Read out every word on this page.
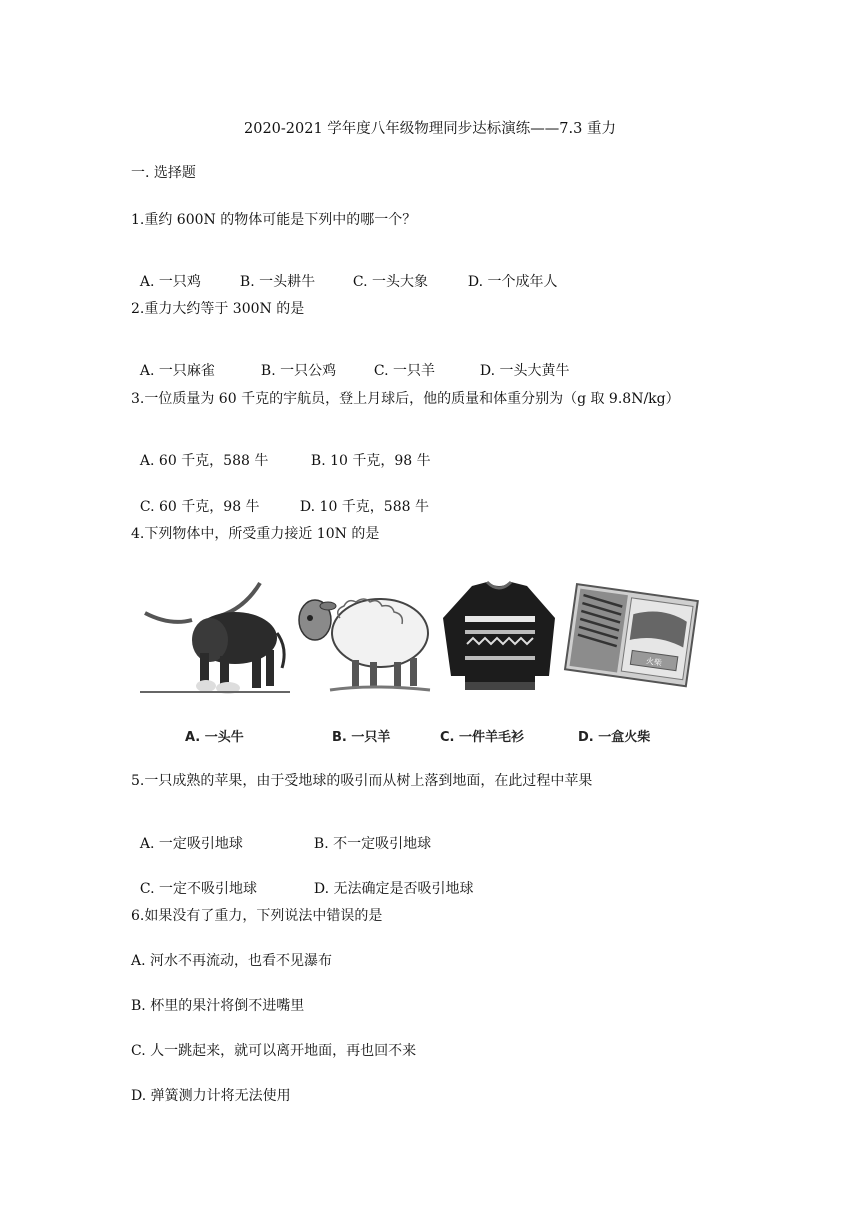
2020-2021 学年度八年级物理同步达标演练——7.3 重力
一. 选择题
1.重约 600N 的物体可能是下列中的哪一个？

A. 一只鸡	B. 一头耕牛	C. 一头大象	D. 一个成年人

2.重力大约等于 300N 的是

A. 一只麻雀	B. 一只公鸡	C. 一只羊	D. 一头大黄牛

3.一位质量为 60 千克的宇航员，登上月球后，他的质量和体重分别为（g 取 9.8N/kg）

A. 60 千克，588 牛	B. 10 千克，98 牛

C. 60 千克，98 牛	D. 10 千克，588 牛

4.下列物体中，所受重力接近 10N 的是
火柴
A. 一头牛	B. 一只羊	C. 一件羊毛衫	D. 一盒火柴
5.一只成熟的苹果，由于受地球的吸引而从树上落到地面，在此过程中苹果

A. 一定吸引地球	B. 不一定吸引地球

C. 一定不吸引地球	D. 无法确定是否吸引地球

6.如果没有了重力，下列说法中错误的是
A. 河水不再流动，也看不见瀑布
B. 杯里的果汁将倒不进嘴里
C. 人一跳起来，就可以离开地面，再也回不来
D. 弹簧测力计将无法使用
